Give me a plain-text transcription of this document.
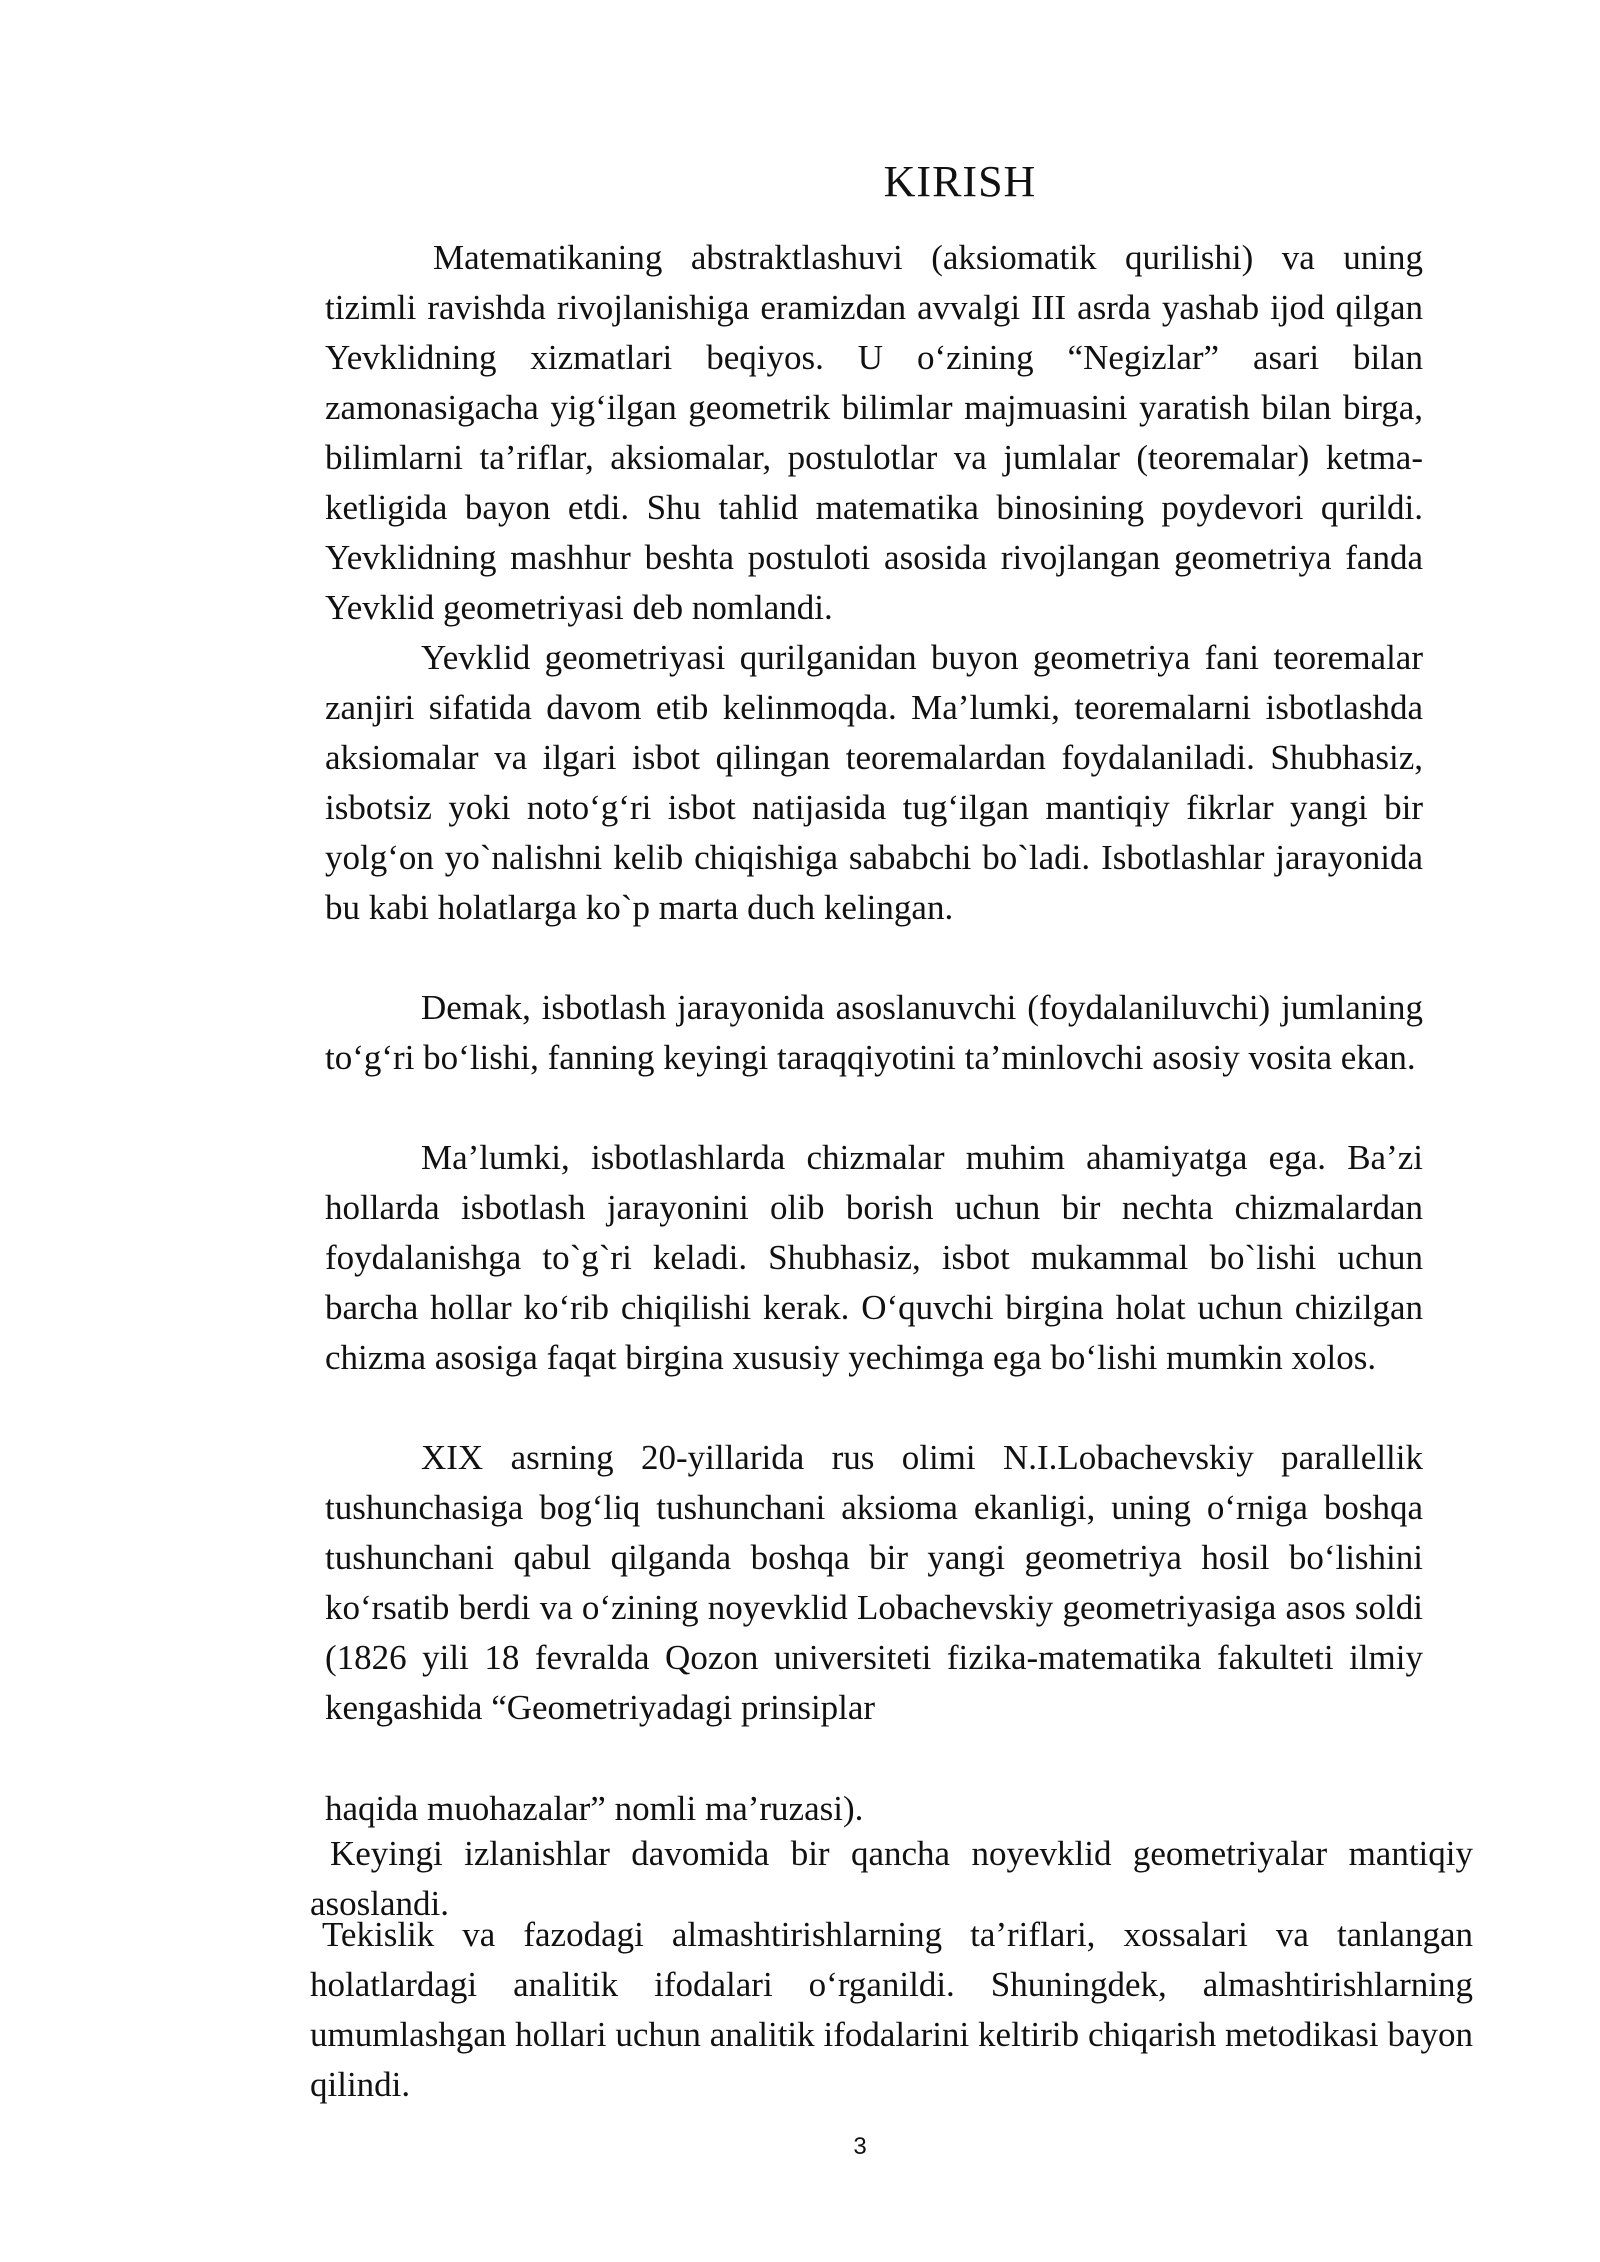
KIRISH

Matematikaning abstraktlashuvi (aksiomatik qurilishi) va uning tizimli ravishda rivojlanishiga eramizdan avvalgi III asrda yashab ijod qilgan Yevklidning xizmatlari beqiyos. U o‘zining “Negizlar” asari bilan zamonasigacha yig‘ilgan geometrik bilimlar majmuasini yaratish bilan birga, bilimlarni ta’riflar, aksiomalar, postulotlar va jumlalar (teoremalar) ketma-ketligida bayon etdi. Shu tahlid matematika binosining poydevori qurildi. Yevklidning mashhur beshta postuloti asosida rivojlangan geometriya fanda Yevklid geometriyasi deb nomlandi.

Yevklid geometriyasi qurilganidan buyon geometriya fani teoremalar zanjiri sifatida davom etib kelinmoqda. Ma’lumki, teoremalarni isbotlashda aksiomalar va ilgari isbot qilingan teoremalardan foydalaniladi. Shubhasiz, isbotsiz yoki noto‘g‘ri isbot natijasida tug‘ilgan mantiqiy fikrlar yangi bir yolg‘on yo`nalishni kelib chiqishiga sababchi bo`ladi. Isbotlashlar jarayonida bu kabi holatlarga ko`p marta duch kelingan.

Demak, isbotlash jarayonida asoslanuvchi (foydalaniluvchi) jumlaning to‘g‘ri bo‘lishi, fanning keyingi taraqqiyotini ta’minlovchi asosiy vosita ekan.

Ma’lumki, isbotlashlarda chizmalar muhim ahamiyatga ega. Ba’zi hollarda isbotlash jarayonini olib borish uchun bir nechta chizmalardan foydalanishga to`g`ri keladi. Shubhasiz, isbot mukammal bo`lishi uchun barcha hollar ko‘rib chiqilishi kerak. O‘quvchi birgina holat uchun chizilgan chizma asosiga faqat birgina xususiy yechimga ega bo‘lishi mumkin xolos.

XIX asrning 20-yillarida rus olimi N.I.Lobachevskiy parallellik tushunchasiga bog‘liq tushunchani aksioma ekanligi, uning o‘rniga boshqa tushunchani qabul qilganda boshqa bir yangi geometriya hosil bo‘lishini ko‘rsatib berdi va o‘zining noyevklid Lobachevskiy geometriyasiga asos soldi (1826 yili 18 fevralda Qozon universiteti fizika-matematika fakulteti ilmiy kengashida “Geometriyadagi prinsiplar

haqida muohazalar” nomli ma’ruzasi).

Keyingi izlanishlar davomida bir qancha noyevklid geometriyalar mantiqiy asoslandi.

Tekislik va fazodagi almashtirishlarning ta’riflari, xossalari va tanlangan holatlardagi analitik ifodalari o‘rganildi. Shuningdek, almashtirishlarning umumlashgan hollari uchun analitik ifodalarini keltirib chiqarish metodikasi bayon qilindi.

3
